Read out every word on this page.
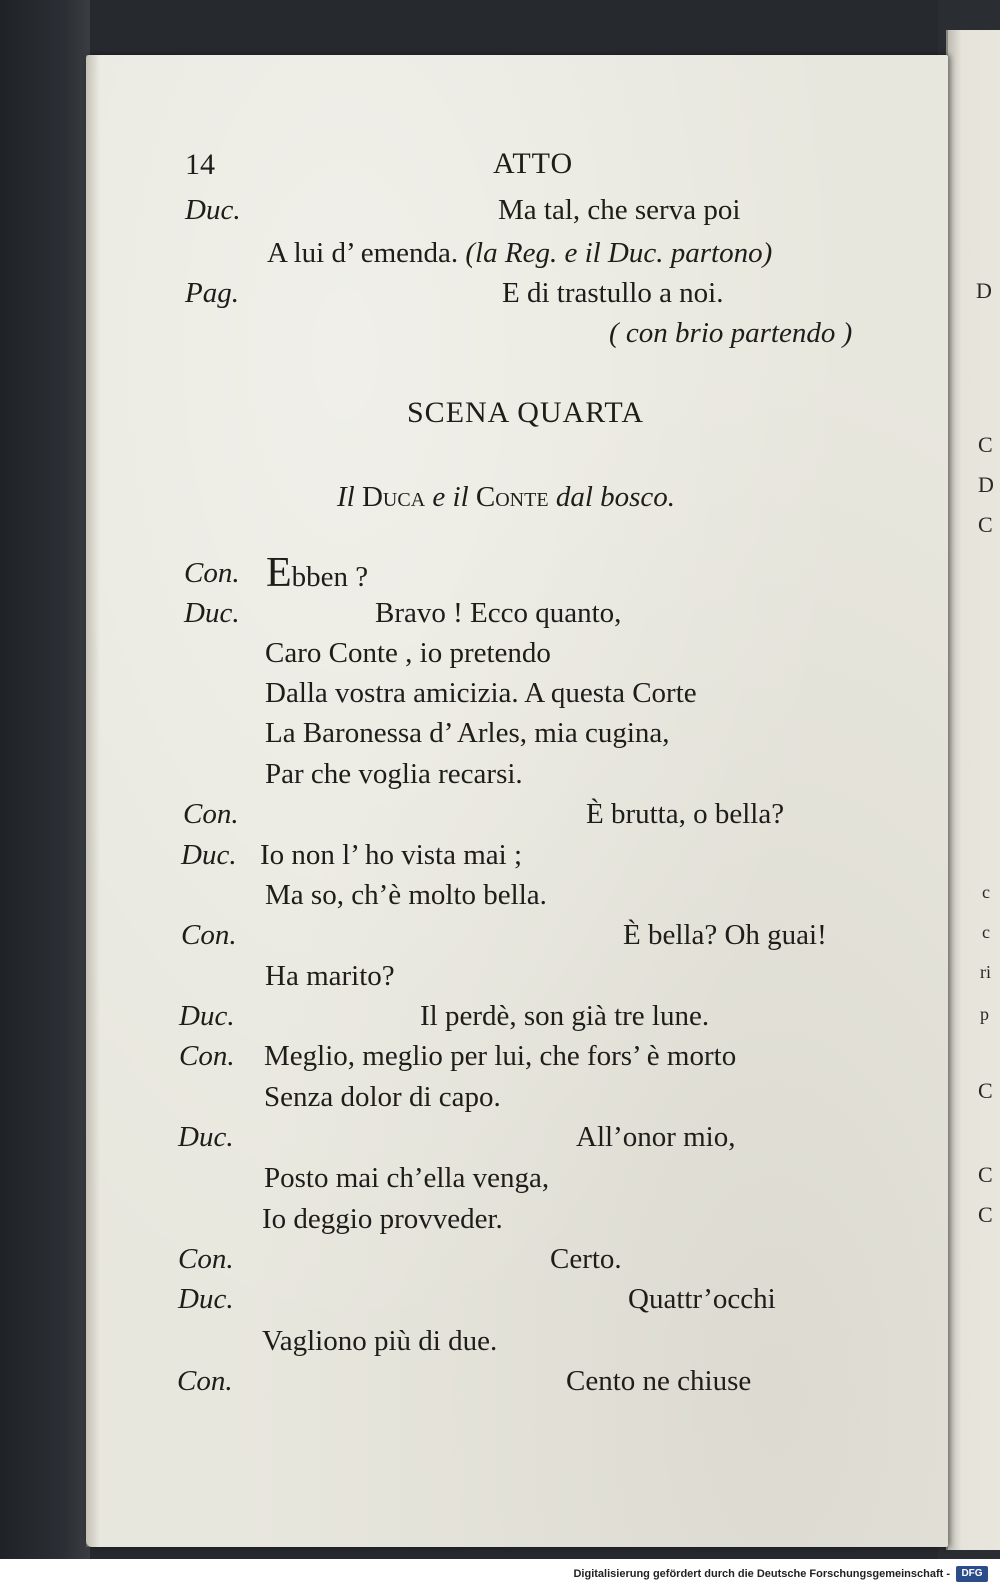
D
C
D
C
c
c
ri
p
C
C
C
14	ATTO
Duc.	Ma tal, che serva poi
A lui d’ emenda. (la Reg. e il Duc. partono)
Pag.	E di trastullo a noi.
( con brio partendo )
SCENA QUARTA
Il Duca e il Conte dal bosco.
Con. Ebben ?
Duc.	Bravo ! Ecco quanto,
Caro Conte , io pretendo
Dalla vostra amicizia. A questa Corte
La Baronessa d’ Arles, mia cugina,
Par che voglia recarsi.
Con.	È brutta, o bella?
Duc. Io non l’ ho vista mai ;
Ma so, ch’è molto bella.
Con.	È bella? Oh guai!
Ha marito?
Duc.	Il perdè, son già tre lune.
Con. Meglio, meglio per lui, che fors’ è morto
Senza dolor di capo.
Duc.	All’onor mio,
Posto mai ch’ella venga,
Io deggio provveder.
Con.	Certo.
Duc.	Quattr’occhi
Vagliono più di due.
Con.	Cento ne chiuse
Digitalisierung gefördert durch die Deutsche Forschungsgemeinschaft -	DFG
